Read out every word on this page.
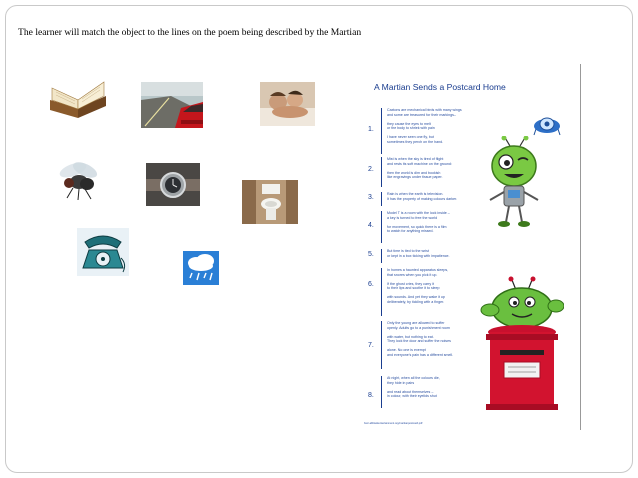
The learner will match the object to the lines on the poem being described by the Martian
A Martian Sends a Postcard Home
1.
Caxtons are mechanical birds with many wings
and some are treasured for their markings–
they cause the eyes to melt
or the body to shriek with pain
I have never seen one fly, but
sometimes they perch on the hand.
2.
Mist is when the sky is tired of flight
and rests its soft machine on the ground:
then the world is dim and bookish
like engravings under tissue paper.
3.	Rain is when the earth is television.
It has the property of making colours darker.
4.
Model T is a room with the lock inside –
a key is turned to free the world
for movement, so quick there is a film
to watch for anything missed.
5.	But time is tied to the wrist
or kept in a box ticking with impatience.
6.
In homes a haunted apparatus sleeps,
that snores when you pick it up.
If the ghost cries, they carry it
to their lips and soothe it to sleep
with sounds. And yet they wake it up
deliberately, by tickling with a finger.
7.
Only the young are allowed to suffer
openly. Adults go to a punishment room
with water, but nothing to eat.
They lock the door and suffer the noises
alone. No one is exempt
and everyone's pain has a different smell.
8.
At night, when all the colours die,
they hide in pairs
and read about themselves –
in colour, with their eyelids shut
bsrc.altblackentertainment.org/martianpostcard.pdf
